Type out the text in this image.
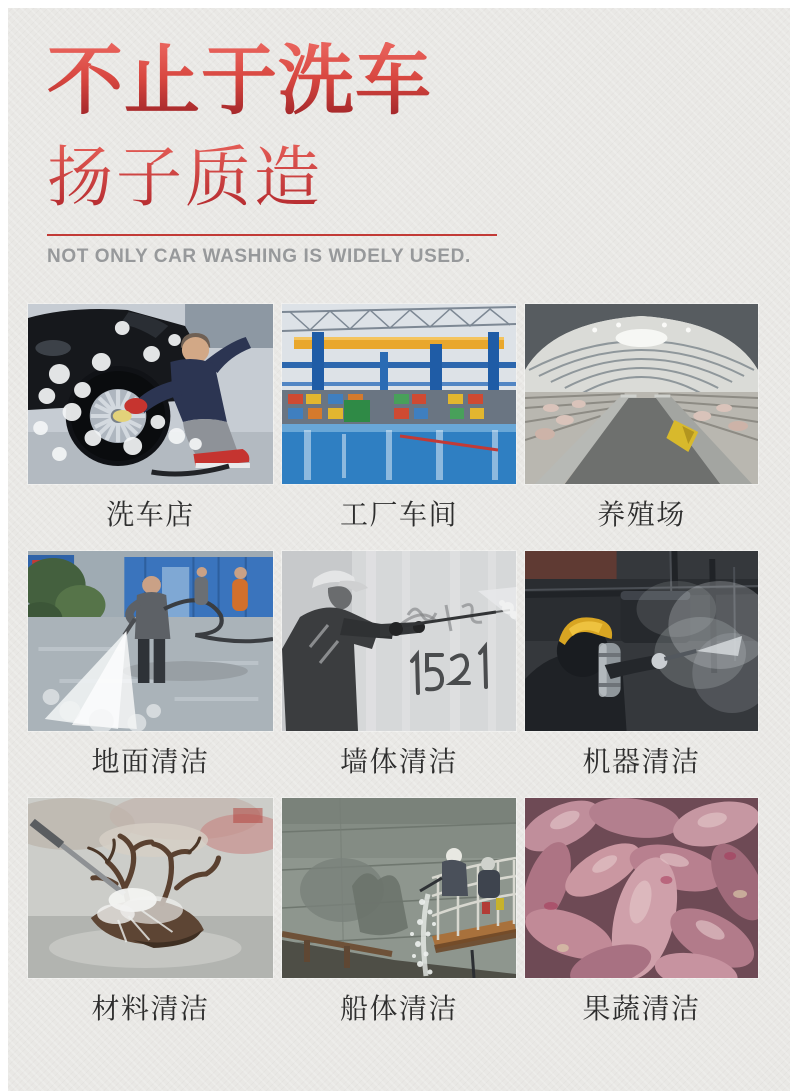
不止于洗车
扬子质造

NOT ONLY CAR WASHING IS WIDELY USED.

洗车店	工厂车间	养殖场
地面清洁	墙体清洁	机器清洁
材料清洁	船体清洁	果蔬清洁
